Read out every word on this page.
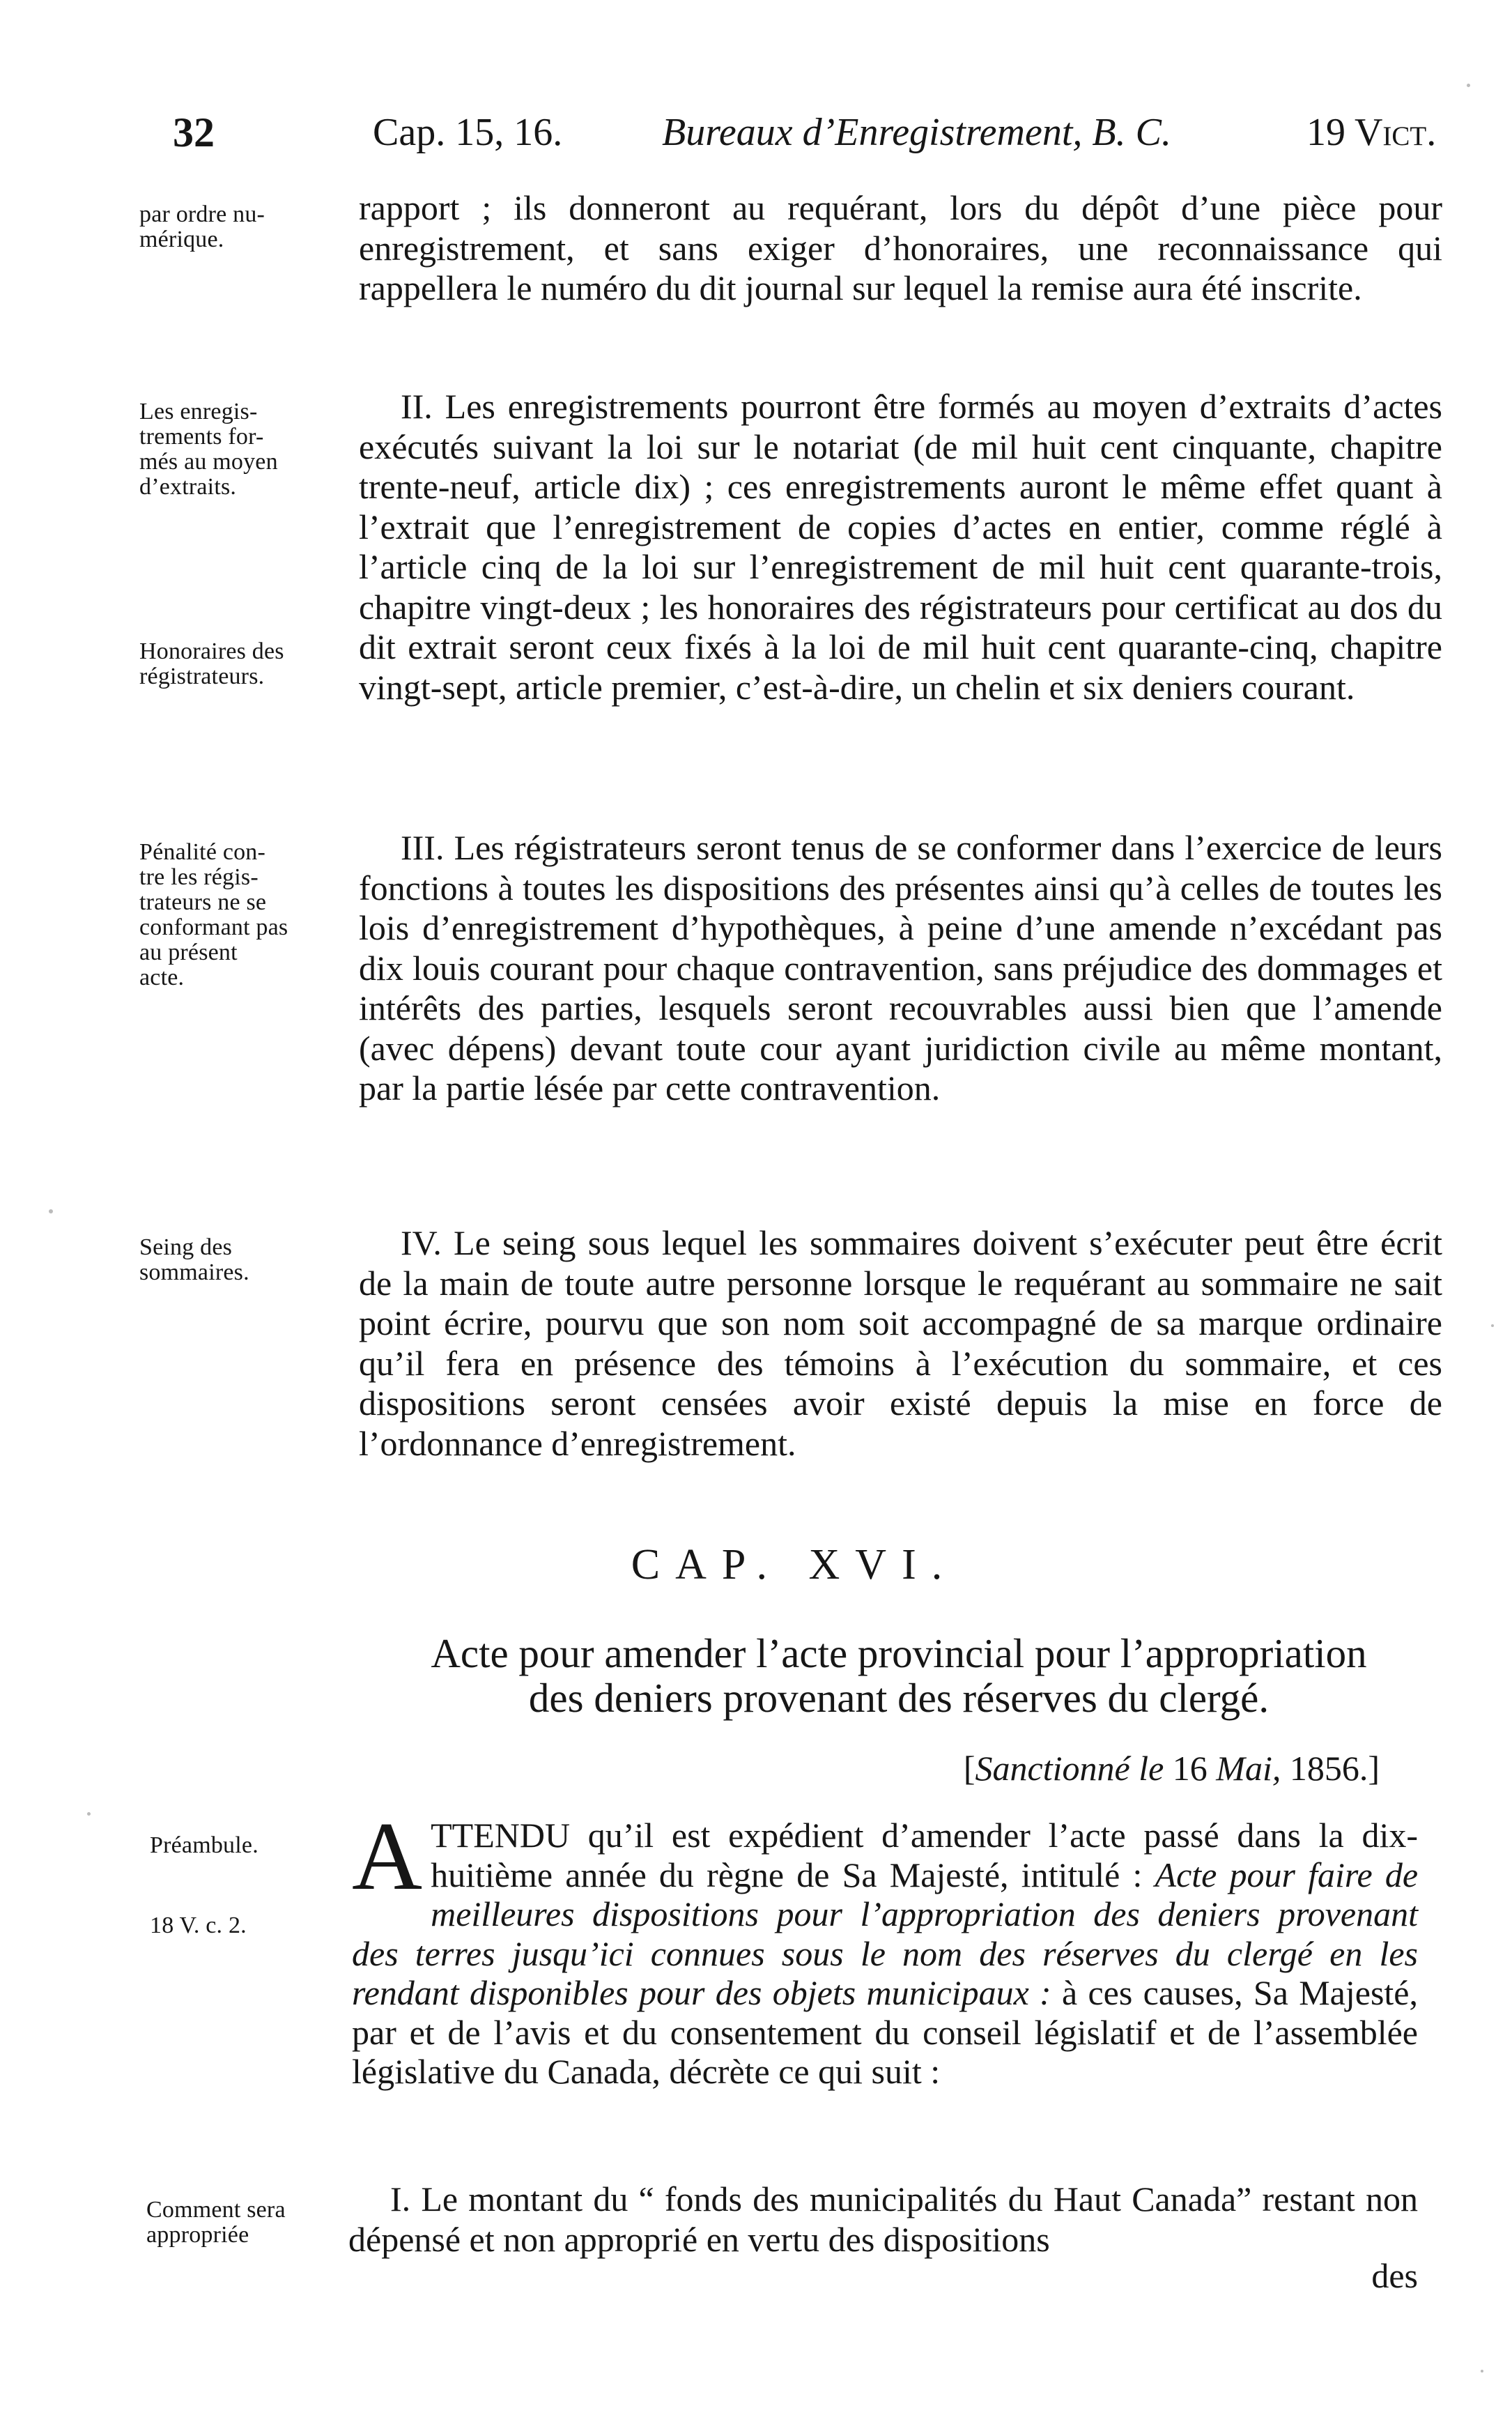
32	Cap. 15, 16.	Bureaux d’Enregistrement, B. C.	19 Vict.
par ordre nu-
mérique.
rapport ; ils donneront au requérant, lors du dépôt d’une pièce pour enregistrement, et sans exiger d’honoraires, une reconnaissance qui rappellera le numéro du dit journal sur lequel la remise aura été inscrite.
Les enregis-
trements for-
més au moyen
d’extraits.
Honoraires des
régistrateurs.
II. Les enregistrements pourront être formés au moyen d’extraits d’actes exécutés suivant la loi sur le notariat (de mil huit cent cinquante, chapitre trente-neuf, article dix) ; ces enregistrements auront le même effet quant à l’extrait que l’enregistrement de copies d’actes en entier, comme réglé à l’article cinq de la loi sur l’enregistrement de mil huit cent quarante-trois, chapitre vingt-deux ; les honoraires des régistrateurs pour certificat au dos du dit extrait seront ceux fixés à la loi de mil huit cent quarante-cinq, chapitre vingt-sept, article premier, c’est-à-dire, un chelin et six deniers courant.
Pénalité con-
tre les régis-
trateurs ne se
conformant pas
au présent
acte.
III. Les régistrateurs seront tenus de se conformer dans l’exercice de leurs fonctions à toutes les dispositions des présentes ainsi qu’à celles de toutes les lois d’enregistrement d’hypothèques, à peine d’une amende n’excédant pas dix louis courant pour chaque contravention, sans préjudice des dommages et intérêts des parties, lesquels seront recouvrables aussi bien que l’amende (avec dépens) devant toute cour ayant juridiction civile au même montant, par la partie lésée par cette contravention.
Seing des
sommaires.
IV. Le seing sous lequel les sommaires doivent s’exécuter peut être écrit de la main de toute autre personne lorsque le requérant au sommaire ne sait point écrire, pourvu que son nom soit accompagné de sa marque ordinaire qu’il fera en présence des témoins à l’exécution du sommaire, et ces dispositions seront censées avoir existé depuis la mise en force de l’ordonnance d’enregistrement.
CAP. XVI.
Acte pour amender l’acte provincial pour l’appropriation
des deniers provenant des réserves du clergé.
[Sanctionné le 16 Mai, 1856.]
Préambule.
18 V. c. 2.
ATTENDU qu’il est expédient d’amender l’acte passé dans la dix-huitième année du règne de Sa Majesté, intitulé : Acte pour faire de meilleures dispositions pour l’appropriation des deniers provenant des terres jusqu’ici connues sous le nom des réserves du clergé en les rendant disponibles pour des objets municipaux : à ces causes, Sa Majesté, par et de l’avis et du consentement du conseil législatif et de l’assemblée législative du Canada, décrète ce qui suit :
Comment sera
appropriée
I. Le montant du “ fonds des municipalités du Haut Canada” restant non dépensé et non approprié en vertu des dispositions
des
